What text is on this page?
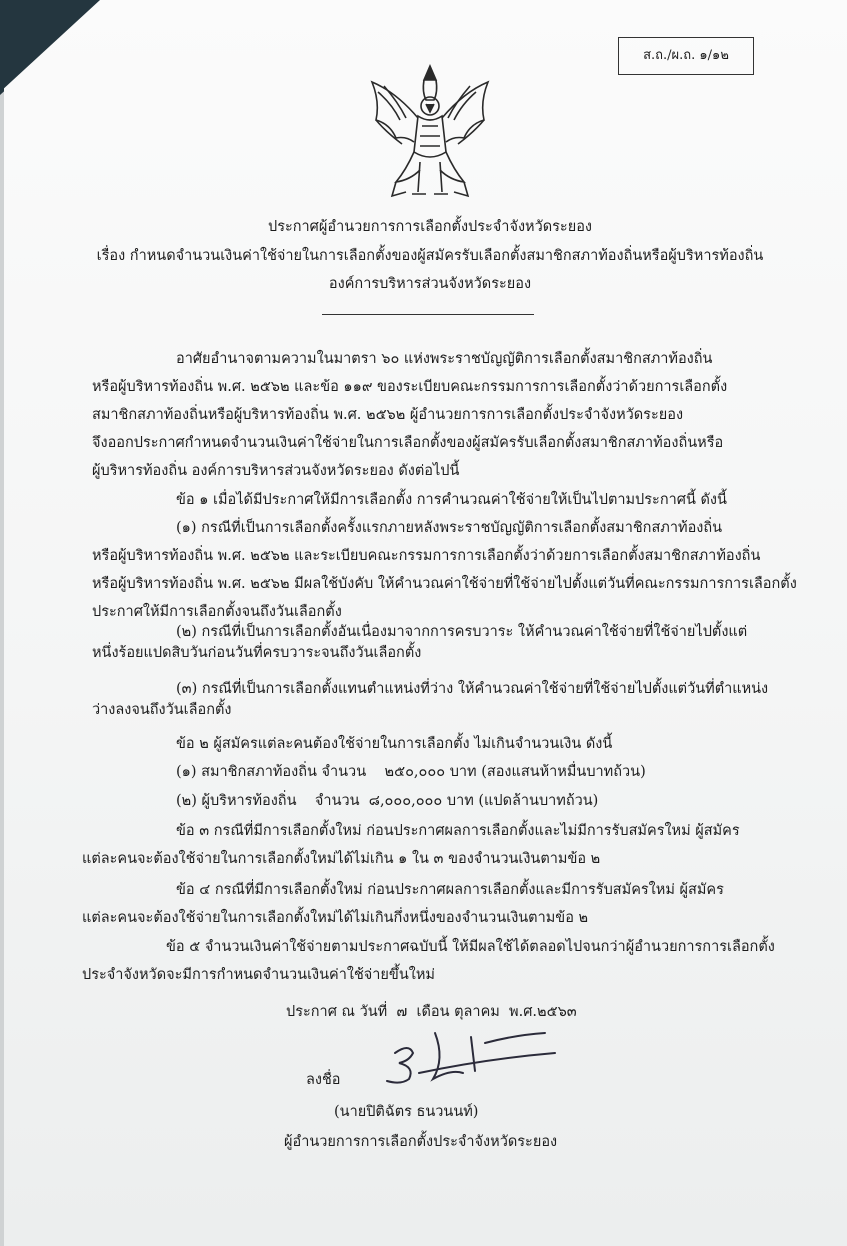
ส.ถ./ผ.ถ. ๑/๑๒
ประกาศผู้อำนวยการการเลือกตั้งประจำจังหวัดระยอง
เรื่อง กำหนดจำนวนเงินค่าใช้จ่ายในการเลือกตั้งของผู้สมัครรับเลือกตั้งสมาชิกสภาท้องถิ่นหรือผู้บริหารท้องถิ่น
องค์การบริหารส่วนจังหวัดระยอง
อาศัยอำนาจตามความในมาตรา ๖๐ แห่งพระราชบัญญัติการเลือกตั้งสมาชิกสภาท้องถิ่น
หรือผู้บริหารท้องถิ่น พ.ศ. ๒๕๖๒ และข้อ ๑๑๙ ของระเบียบคณะกรรมการการเลือกตั้งว่าด้วยการเลือกตั้ง
สมาชิกสภาท้องถิ่นหรือผู้บริหารท้องถิ่น พ.ศ. ๒๕๖๒ ผู้อำนวยการการเลือกตั้งประจำจังหวัดระยอง
จึงออกประกาศกำหนดจำนวนเงินค่าใช้จ่ายในการเลือกตั้งของผู้สมัครรับเลือกตั้งสมาชิกสภาท้องถิ่นหรือ
ผู้บริหารท้องถิ่น องค์การบริหารส่วนจังหวัดระยอง ดังต่อไปนี้
ข้อ ๑ เมื่อได้มีประกาศให้มีการเลือกตั้ง การคำนวณค่าใช้จ่ายให้เป็นไปตามประกาศนี้ ดังนี้
(๑) กรณีที่เป็นการเลือกตั้งครั้งแรกภายหลังพระราชบัญญัติการเลือกตั้งสมาชิกสภาท้องถิ่น
หรือผู้บริหารท้องถิ่น พ.ศ. ๒๕๖๒ และระเบียบคณะกรรมการการเลือกตั้งว่าด้วยการเลือกตั้งสมาชิกสภาท้องถิ่น
หรือผู้บริหารท้องถิ่น พ.ศ. ๒๕๖๒ มีผลใช้บังคับ ให้คำนวณค่าใช้จ่ายที่ใช้จ่ายไปตั้งแต่วันที่คณะกรรมการการเลือกตั้ง
ประกาศให้มีการเลือกตั้งจนถึงวันเลือกตั้ง
(๒) กรณีที่เป็นการเลือกตั้งอันเนื่องมาจากการครบวาระ ให้คำนวณค่าใช้จ่ายที่ใช้จ่ายไปตั้งแต่
หนึ่งร้อยแปดสิบวันก่อนวันที่ครบวาระจนถึงวันเลือกตั้ง
(๓) กรณีที่เป็นการเลือกตั้งแทนตำแหน่งที่ว่าง ให้คำนวณค่าใช้จ่ายที่ใช้จ่ายไปตั้งแต่วันที่ตำแหน่ง
ว่างลงจนถึงวันเลือกตั้ง
ข้อ ๒ ผู้สมัครแต่ละคนต้องใช้จ่ายในการเลือกตั้ง ไม่เกินจำนวนเงิน ดังนี้
(๑) สมาชิกสภาท้องถิ่น จำนวน    ๒๕๐,๐๐๐ บาท (สองแสนห้าหมื่นบาทถ้วน)
(๒) ผู้บริหารท้องถิ่น    จำนวน  ๘,๐๐๐,๐๐๐ บาท (แปดล้านบาทถ้วน)
ข้อ ๓ กรณีที่มีการเลือกตั้งใหม่ ก่อนประกาศผลการเลือกตั้งและไม่มีการรับสมัครใหม่ ผู้สมัคร
แต่ละคนจะต้องใช้จ่ายในการเลือกตั้งใหม่ได้ไม่เกิน ๑ ใน ๓ ของจำนวนเงินตามข้อ ๒
ข้อ ๔ กรณีที่มีการเลือกตั้งใหม่ ก่อนประกาศผลการเลือกตั้งและมีการรับสมัครใหม่ ผู้สมัคร
แต่ละคนจะต้องใช้จ่ายในการเลือกตั้งใหม่ได้ไม่เกินกึ่งหนึ่งของจำนวนเงินตามข้อ ๒
ข้อ ๕ จำนวนเงินค่าใช้จ่ายตามประกาศฉบับนี้ ให้มีผลใช้ได้ตลอดไปจนกว่าผู้อำนวยการการเลือกตั้ง
ประจำจังหวัดจะมีการกำหนดจำนวนเงินค่าใช้จ่ายขึ้นใหม่
ประกาศ ณ วันที่  ๗  เดือน ตุลาคม  พ.ศ.๒๕๖๓
ลงชื่อ
(นายปิติฉัตร ธนวนนท์)
ผู้อำนวยการการเลือกตั้งประจำจังหวัดระยอง
